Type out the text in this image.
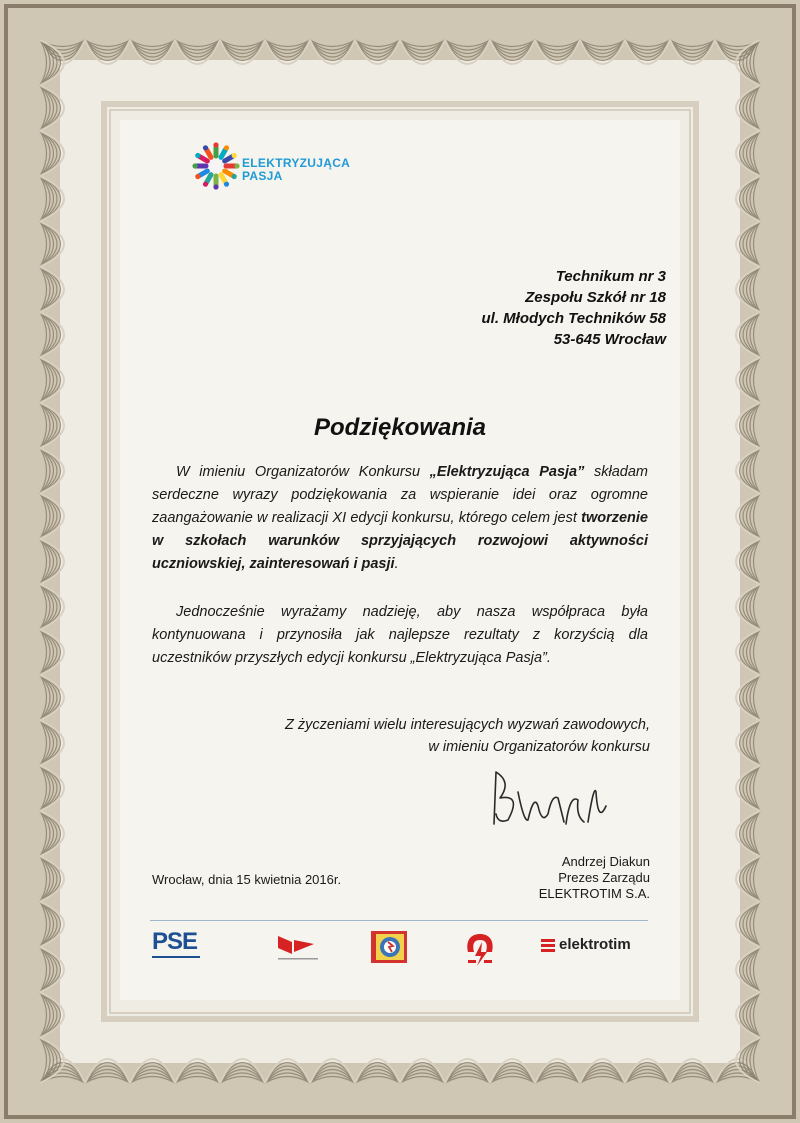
ELEKTRYZUJĄCA
PASJA
Technikum nr 3
Zespołu Szkół nr 18
ul. Młodych Techników 58
53-645 Wrocław
Podziękowania
W imieniu Organizatorów Konkursu „Elektryzująca Pasja” składam serdeczne wyrazy podziękowania za wspieranie idei oraz ogromne zaangażowanie w realizacji XI edycji konkursu, którego celem jest tworzenie w szkołach warunków sprzyjających rozwojowi aktywności uczniowskiej, zainteresowań i pasji.
Jednocześnie wyrażamy nadzieję, aby nasza współpraca była kontynuowana i przynosiła jak najlepsze rezultaty z korzyścią dla uczestników przyszłych edycji konkursu „Elektryzująca Pasja”.
Z życzeniami wielu interesujących wyzwań zawodowych,
w imieniu Organizatorów konkursu
Andrzej Diakun
Prezes Zarządu
ELEKTROTIM S.A.
Wrocław, dnia 15 kwietnia 2016r.
PSE	elektrotim
